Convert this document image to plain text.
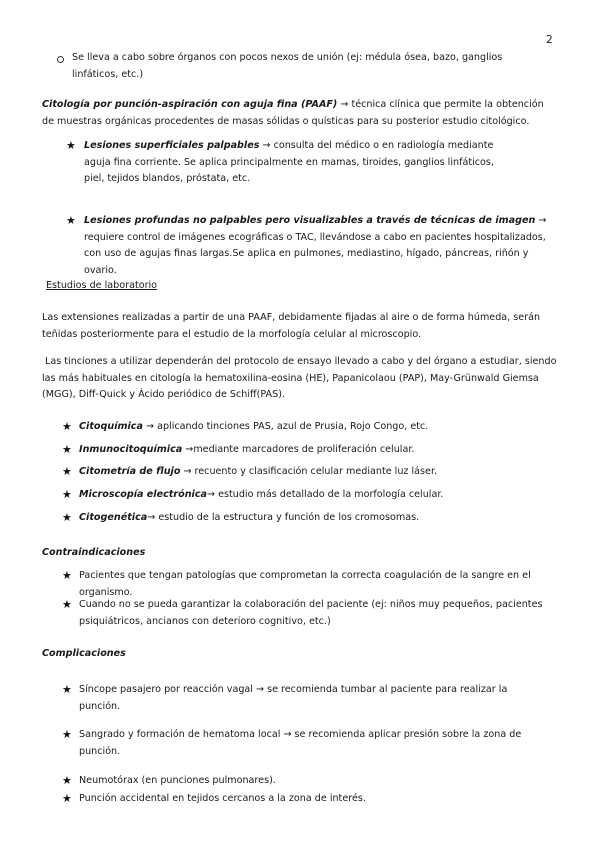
2
Se lleva a cabo sobre órganos con pocos nexos de unión (ej: médula ósea, bazo, ganglios linfáticos, etc.)
Citología por punción-aspiración con aguja fina (PAAF) → técnica clínica que permite la obtención de muestras orgánicas procedentes de masas sólidas o quísticas para su posterior estudio citológico.
★ Lesiones superficiales palpables → consulta del médico o en radiología mediante aguja fina corriente. Se aplica principalmente en mamas, tiroides, ganglios linfáticos, piel, tejidos blandos, próstata, etc.
★ Lesiones profundas no palpables pero visualizables a través de técnicas de imagen → requiere control de imágenes ecográficas o TAC, llevándose a cabo en pacientes hospitalizados, con uso de agujas finas largas.Se aplica en pulmones, mediastino, hígado, páncreas, riñón y ovario.
Estudios de laboratorio
Las extensiones realizadas a partir de una PAAF, debidamente fijadas al aire o de forma húmeda, serán teñidas posteriormente para el estudio de la morfología celular al microscopio.
Las tinciones a utilizar dependerán del protocolo de ensayo llevado a cabo y del órgano a estudiar, siendo las más habituales en citología la hematoxilina-eosina (HE), Papanicolaou (PAP), May-Grünwald Giemsa (MGG), Diff-Quick y Ácido periódico de Schiff(PAS).
★ Citoquímica → aplicando tinciones PAS, azul de Prusia, Rojo Congo, etc.
★ Inmunocitoquímica →mediante marcadores de proliferación celular.
★ Citometría de flujo → recuento y clasificación celular mediante luz láser.
★ Microscopía electrónica→ estudio más detallado de la morfología celular.
★ Citogenética→ estudio de la estructura y función de los cromosomas.
Contraindicaciones
★ Pacientes que tengan patologías que comprometan la correcta coagulación de la sangre en el organismo.
★ Cuando no se pueda garantizar la colaboración del paciente (ej: niños muy pequeños, pacientes psiquiátricos, ancianos con deterioro cognitivo, etc.)
Complicaciones
★ Síncope pasajero por reacción vagal → se recomienda tumbar al paciente para realizar la punción.
★ Sangrado y formación de hematoma local → se recomienda aplicar presión sobre la zona de punción.
★ Neumotórax (en punciones pulmonares).
★ Punción accidental en tejidos cercanos a la zona de interés.
